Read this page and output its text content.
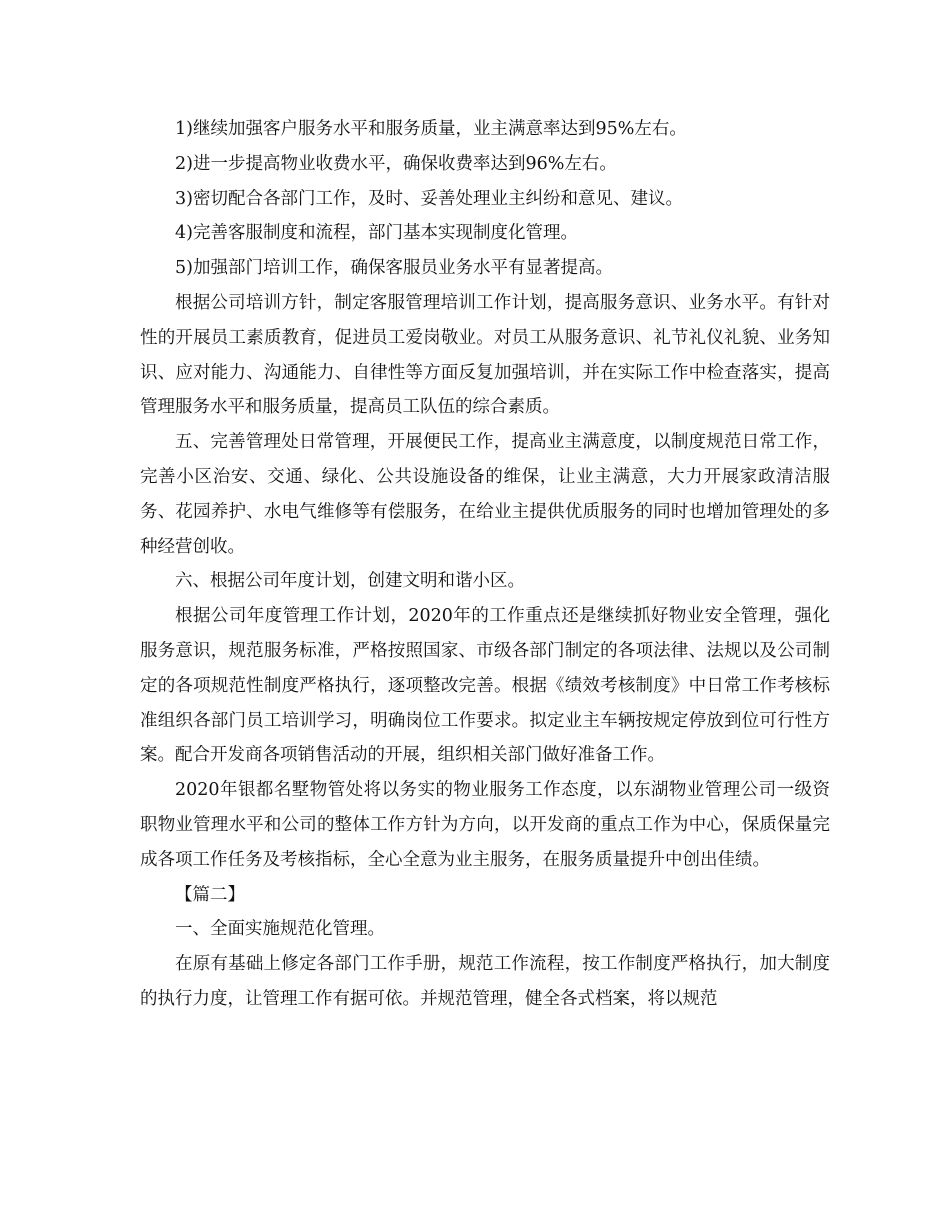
1)继续加强客户服务水平和服务质量，业主满意率达到95%左右。

2)进一步提高物业收费水平，确保收费率达到96%左右。

3)密切配合各部门工作，及时、妥善处理业主纠纷和意见、建议。

4)完善客服制度和流程，部门基本实现制度化管理。

5)加强部门培训工作，确保客服员业务水平有显著提高。

根据公司培训方针，制定客服管理培训工作计划，提高服务意识、业务水平。有针对性的开展员工素质教育，促进员工爱岗敬业。对员工从服务意识、礼节礼仪礼貌、业务知识、应对能力、沟通能力、自律性等方面反复加强培训，并在实际工作中检查落实，提高管理服务水平和服务质量，提高员工队伍的综合素质。

五、完善管理处日常管理，开展便民工作，提高业主满意度，以制度规范日常工作，完善小区治安、交通、绿化、公共设施设备的维保，让业主满意，大力开展家政清洁服务、花园养护、水电气维修等有偿服务，在给业主提供优质服务的同时也增加管理处的多种经营创收。

六、根据公司年度计划，创建文明和谐小区。

根据公司年度管理工作计划，2020年的工作重点还是继续抓好物业安全管理，强化服务意识，规范服务标准，严格按照国家、市级各部门制定的各项法律、法规以及公司制定的各项规范性制度严格执行，逐项整改完善。根据《绩效考核制度》中日常工作考核标准组织各部门员工培训学习，明确岗位工作要求。拟定业主车辆按规定停放到位可行性方案。配合开发商各项销售活动的开展，组织相关部门做好准备工作。

2020年银都名墅物管处将以务实的物业服务工作态度，以东湖物业管理公司一级资职物业管理水平和公司的整体工作方针为方向，以开发商的重点工作为中心，保质保量完成各项工作任务及考核指标，全心全意为业主服务，在服务质量提升中创出佳绩。

【篇二】

一、全面实施规范化管理。

在原有基础上修定各部门工作手册，规范工作流程，按工作制度严格执行，加大制度的执行力度，让管理工作有据可依。并规范管理，健全各式档案，将以规范
